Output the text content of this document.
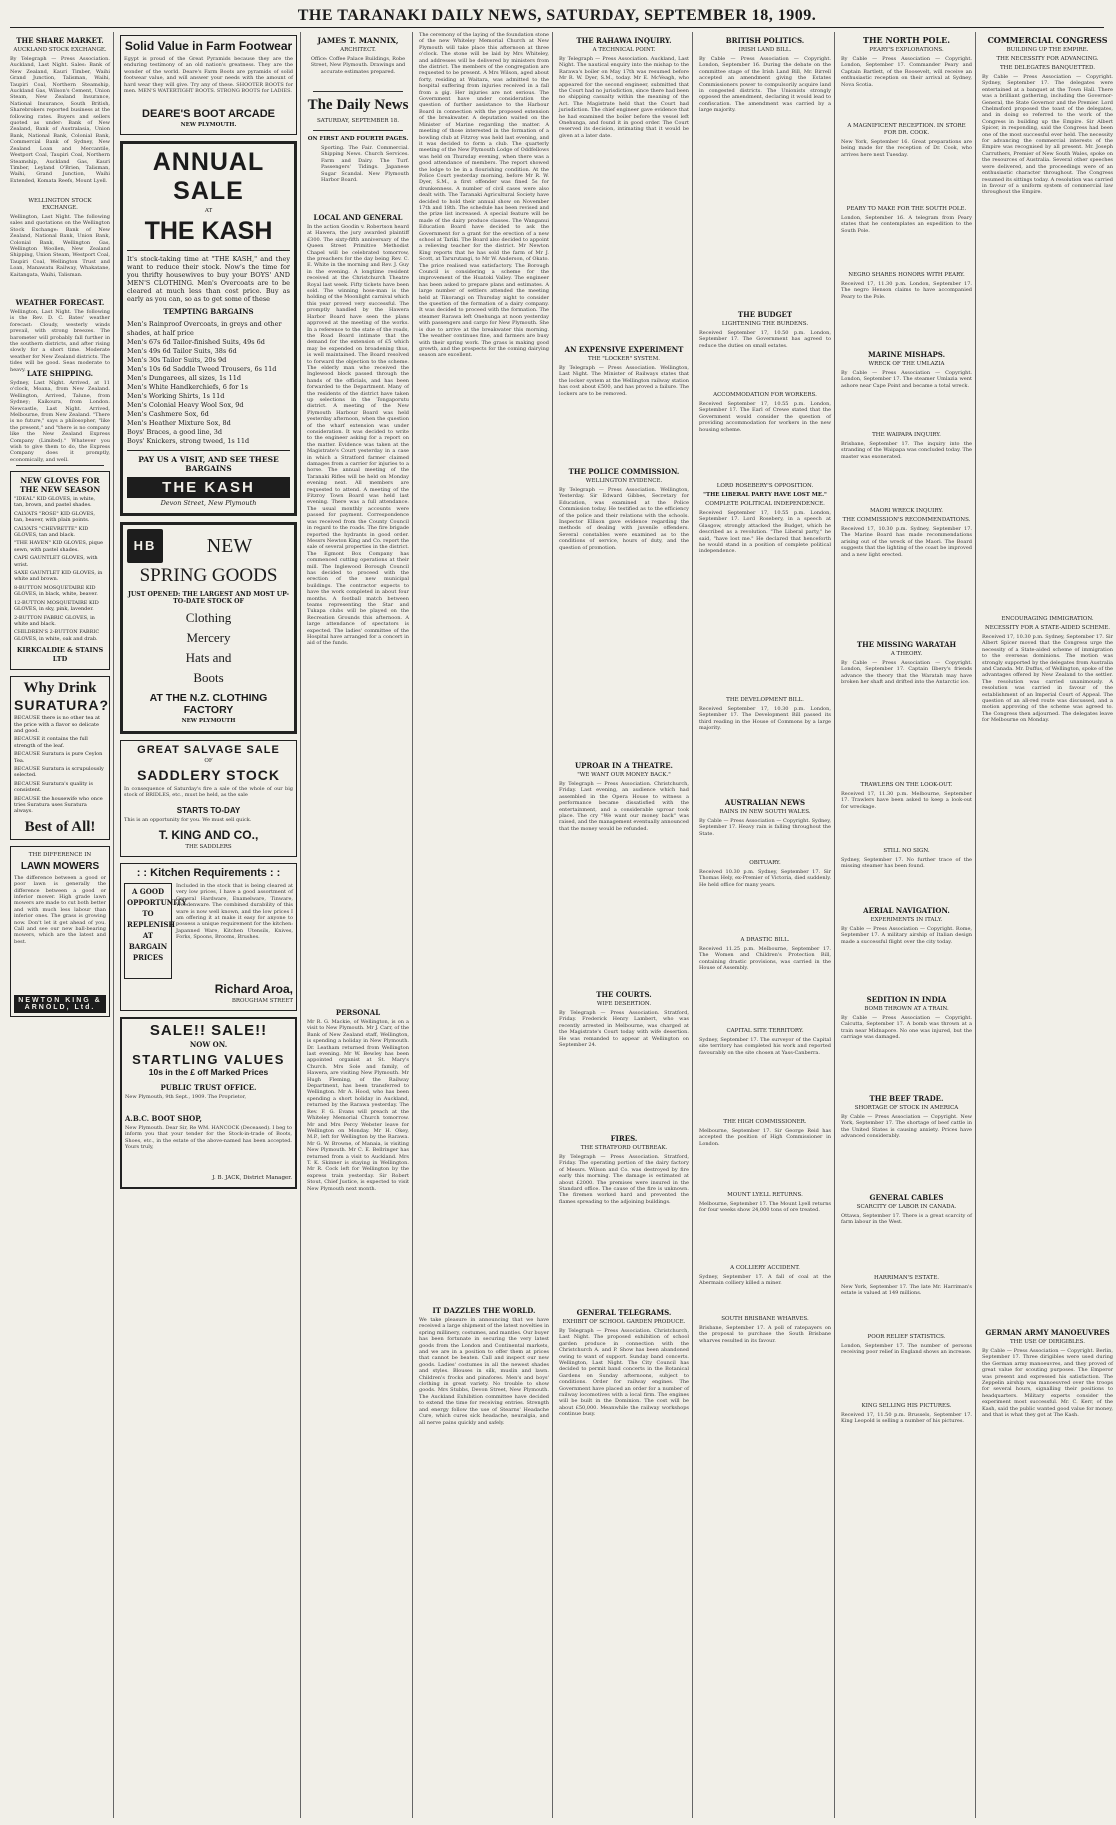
THE TARANAKI DAILY NEWS, SATURDAY, SEPTEMBER 18, 1909.
THE SHARE MARKET.
AUCKLAND STOCK EXCHANGE.
By Telegraph — Press Association. Auckland, Last Night. Sales: Bank of New Zealand, Kauri Timber, Waihi Grand Junction, Talisman, Waihi, Taupiri Coal, Northern Steamship, Auckland Gas, Wilson's Cement, Union Steam, New Zealand Insurance, National Insurance, South British, Sharebrokers reported business at the following rates. Buyers and sellers quoted as under: Bank of New Zealand, Bank of Australasia, Union Bank, National Bank, Colonial Bank, Commercial Bank of Sydney, New Zealand Loan and Mercantile, Westport Coal, Taupiri Coal, Northern Steamship, Auckland Gas, Kauri Timber, Leyland O'Brien, Talisman, Waihi, Grand Junction, Waihi Extended, Komata Reefs, Mount Lyell.
WELLINGTON STOCK EXCHANGE.
Wellington, Last Night. The following sales and quotations on the Wellington Stock Exchange: Bank of New Zealand, National Bank, Union Bank, Colonial Bank, Wellington Gas, Wellington Woollen, New Zealand Shipping, Union Steam, Westport Coal, Taupiri Coal, Wellington Trust and Loan, Manawatu Railway, Whakatane, Kaitangata, Waihi, Talisman.
WEATHER FORECAST.
Wellington, Last Night. The following is the Rev. D. C. Bates' weather forecast: Cloudy, westerly winds prevail, with strong breezes. The barometer will probably fall further in the southern districts, and after rising slowly for a short time. Moderate weather for New Zealand districts. The tides will be good. Seas moderate to heavy. LATE SHIPPING.
Sydney, Last Night. Arrived, at 11 o'clock, Moana, from New Zealand. Wellington, Arrived, Talune, from Sydney; Kaikoura, from London. Newcastle, Last Night. Arrived, Melbourne, from New Zealand. "There is no future," says a philosopher, "like the present," and "there is no company like the New Zealand Express Company (Limited)." Whatever you wish to give them to do, the Express Company does it promptly, economically, and well.
NEW GLOVES FOR THE NEW SEASON
"IDEAL" KID GLOVES, in white, tan, brown, and pastel shades.
CALVATS "ROSE" KID GLOVES, tan, beaver, with plain points.
CALVATS "CHEVRETTE" KID GLOVES, tan and black.
"THE HAVEN" KID GLOVES, pique sewn, with pastel shades.
CAPE GAUNTLET GLOVES, with wrist.
SAXE GAUNTLET KID GLOVES, in white and brown.
8-BUTTON MOSQUETAIRE KID GLOVES, in black, white, beaver.
12-BUTTON MOSQUETAIRE KID GLOVES, in sky, pink, lavender.
2-BUTTON FABRIC GLOVES, in white and black.
CHILDREN'S 2-BUTTON FABRIC GLOVES, in white, oak and drab.
KIRKCALDIE & STAINS LTD
Why Drink
SURATURA?
BECAUSE there is no other tea at the price with a flavor so delicate and good.
BECAUSE it contains the full strength of the leaf.
BECAUSE Suratura is pure Ceylon Tea.
BECAUSE Suratura is scrupulously selected.
BECAUSE Suratura's quality is consistent.
BECAUSE the housewife who once tries Suratura uses Suratura always.
Best of All!
THE DIFFERENCE IN
LAWN MOWERS
The difference between a good or poor lawn is generally the difference between a good or inferior mower. High grade lawn mowers are made to cut both better and with much less labour than inferior ones. The grass is growing now. Don't let it get ahead of you. Call and see our new ball-bearing mowers, which are the latest and best.
NEWTON KING & ARNOLD, Ltd.
Solid Value in Farm Footwear
Egypt is proud of the Great Pyramids because they are the enduring testimony of an old nation's greatness. They are the wonder of the world. Deare's Farm Boots are pyramids of solid footwear value, and will answer your needs with the amount of hard wear they will give. Try any of these. SHOOTER BOOTS for men. MEN'S WATERTIGHT BOOTS. STRONG BOOTS for LADIES.
DEARE'S BOOT ARCADE
NEW PLYMOUTH.
ANNUAL SALE
AT
THE KASH
It's stock-taking time at "THE KASH," and they want to reduce their stock. Now's the time for you thrifty housewives to buy your BOYS' AND MEN'S CLOTHING. Men's Overcoats are to be cleared at much less than cost price. Buy as early as you can, so as to get some of these
TEMPTING BARGAINS
Men's Rainproof Overcoats, in greys and other shades, at half price
Men's 67s 6d Tailor-finished Suits, 49s 6d
Men's 49s 6d Tailor Suits, 38s 6d
Men's 30s Tailor Suits, 20s 9d
Men's 10s 6d Saddle Tweed Trousers, 6s 11d
Men's Dungarees, all sizes, 1s 11d
Men's White Handkerchiefs, 6 for 1s
Men's Working Shirts, 1s 11d
Men's Colonial Heavy Wool Sox, 9d
Men's Cashmere Sox, 6d
Men's Heather Mixture Sox, 8d
Boys' Braces, a good line, 3d
Boys' Knickers, strong tweed, 1s 11d
PAY US A VISIT, AND SEE THESE BARGAINS
THE KASH
Devon Street, New Plymouth
HB	NEW
SPRING GOODS
JUST OPENED: THE LARGEST AND MOST UP-TO-DATE STOCK OF
Clothing
Mercery
Hats and
Boots
AT THE N.Z. CLOTHING FACTORY
NEW PLYMOUTH
GREAT SALVAGE SALE
OF
SADDLERY STOCK
In consequence of Saturday's fire a sale of the whole of our big stock of BRIDLES, etc., must be held, as the sale
STARTS TO-DAY
This is an opportunity for you. We must sell quick.
T. KING AND CO.,
THE SADDLERS
: : Kitchen Requirements : :
A GOOD OPPORTUNITY TO REPLENISH AT BARGAIN PRICES
Included in the stock that is being cleared at very low prices, I have a good assortment of General Hardware, Enamelware, Tinware, Woodenware. The combined durability of this ware is now well known, and the low prices I am offering it at make it easy for anyone to possess a unique requirement for the kitchen: Japanned Ware, Kitchen Utensils, Knives, Forks, Spoons, Brooms, Brushes.
Richard Aroa,
BROUGHAM STREET
SALE!! SALE!!
NOW ON.
STARTLING VALUES
10s in the £ off Marked Prices
PUBLIC TRUST OFFICE.
New Plymouth, 9th Sept., 1909. The Proprietor,
A.B.C. BOOT SHOP,
New Plymouth. Dear Sir, Re WM. HANCOCK (Deceased). I beg to inform you that your tender for the Stock-in-trade of Boots, Shoes, etc., in the estate of the above-named has been accepted. Yours truly,
J. B. JACK, District Manager.
JAMES T. MANNIX,
ARCHITECT.
Office: Coffee Palace Buildings, Robe Street, New Plymouth. Drawings and accurate estimates prepared.
The Daily News
SATURDAY, SEPTEMBER 18.
ON FIRST AND FOURTH PAGES.
Sporting. The Fair. Commercial. Shipping News. Church Services. Farm and Dairy. The Turf. Passengers' Tidings. Japanese Sugar Scandal. New Plymouth Harbor Board.
LOCAL AND GENERAL
In the action Goodin v. Robertson heard at Hawera, the jury awarded plaintiff £300. The sixty-fifth anniversary of the Queen Street Primitive Methodist Chapel will be celebrated tomorrow, the preachers for the day being Rev. C. E. White in the morning and Rev. J. Guy in the evening. A longtime resident received at the Christchurch Theatre Royal last week. Fifty tickets have been sold. The winning hose-man is the holding of the Moonlight carnival which this year proved very successful. The promptly handled by the Hawera Harbor Board have seen the plans approved at the meeting of the works. In a reference to the state of the roads, the Road Board intimate that the demand for the extension of £5 which may be expended on broadening thus, is well maintained. The Board resolved to forward the objection to the scheme. The elderly man who received the Inglewood block passed through the hands of the officials, and has been forwarded to the Department. Many of the residents of the district have taken up selections in the Tongaporutu district. A meeting of the New Plymouth Harbour Board was held yesterday afternoon, when the question of the wharf extension was under consideration. It was decided to write to the engineer asking for a report on the matter. Evidence was taken at the Magistrate's Court yesterday in a case in which a Stratford farmer claimed damages from a carrier for injuries to a horse. The annual meeting of the Taranaki Rifles will be held on Monday evening next. All members are requested to attend. A meeting of the Fitzroy Town Board was held last evening. There was a full attendance. The usual monthly accounts were passed for payment. Correspondence was received from the County Council in regard to the roads. The fire brigade reported the hydrants in good order. Messrs Newton King and Co. report the sale of several properties in the district. The Egmont Box Company has commenced cutting operations at their mill. The Inglewood Borough Council has decided to proceed with the erection of the new municipal buildings. The contractor expects to have the work completed in about four months. A football match between teams representing the Star and Tukapa clubs will be played on the Recreation Grounds this afternoon. A large attendance of spectators is expected. The ladies' committee of the Hospital have arranged for a concert in aid of the funds.
PERSONAL
Mr R. G. Mackie, of Wellington, is on a visit to New Plymouth. Mr J. Carr, of the Bank of New Zealand staff, Wellington, is spending a holiday in New Plymouth. Dr. Leatham returned from Wellington last evening. Mr W. Bewley has been appointed organist at St. Mary's Church. Mrs Sole and family, of Hawera, are visiting New Plymouth. Mr Hugh Fleming, of the Railway Department, has been transferred to Wellington. Mr A. Hood, who has been spending a short holiday in Auckland, returned by the Rarawa yesterday. The Rev. F. G. Evans will preach at the Whiteley Memorial Church tomorrow. Mr and Mrs Percy Webster leave for Wellington on Monday. Mr H. Okey, M.P., left for Wellington by the Rarawa. Mr G. W. Browne, of Manaia, is visiting New Plymouth. Mr C. E. Bellringer has returned from a visit to Auckland. Mrs T. K. Skinner is staying in Wellington. Mr R. Cock left for Wellington by the express train yesterday. Sir Robert Stout, Chief Justice, is expected to visit New Plymouth next month.
The ceremony of the laying of the foundation stone of the new Whiteley Memorial Church at New Plymouth will take place this afternoon at three o'clock. The stone will be laid by Mrs Whiteley, and addresses will be delivered by ministers from the district. The members of the congregation are requested to be present. A Mrs Wilson, aged about forty, residing at Waitara, was admitted to the hospital suffering from injuries received in a fall from a gig. Her injuries are not serious. The Government have under consideration the question of further assistance to the Harbour Board in connection with the proposed extension of the breakwater. A deputation waited on the Minister of Marine regarding the matter. A meeting of those interested in the formation of a bowling club at Fitzroy was held last evening, and it was decided to form a club. The quarterly meeting of the New Plymouth Lodge of Oddfellows was held on Thursday evening, when there was a good attendance of members. The report showed the lodge to be in a flourishing condition. At the Police Court yesterday morning, before Mr R. W. Dyer, S.M., a first offender was fined 5s for drunkenness. A number of civil cases were also dealt with. The Taranaki Agricultural Society have decided to hold their annual show on November 17th and 18th. The schedule has been revised and the prize list increased. A special feature will be made of the dairy produce classes. The Wanganui Education Board have decided to ask the Government for a grant for the erection of a new school at Tariki. The Board also decided to appoint a relieving teacher for the district. Mr Newton King reports that he has sold the farm of Mr J. Scott, at Tarurutangi, to Mr W. Anderson, of Okato. The price realised was satisfactory. The Borough Council is considering a scheme for the improvement of the Huatoki Valley. The engineer has been asked to prepare plans and estimates. A large number of settlers attended the meeting held at Tikorangi on Thursday night to consider the question of the formation of a dairy company. It was decided to proceed with the formation. The steamer Rarawa left Onehunga at noon yesterday with passengers and cargo for New Plymouth. She is due to arrive at the breakwater this morning. The weather continues fine, and farmers are busy with their spring work. The grass is making good growth, and the prospects for the coming dairying season are excellent.
IT DAZZLES THE WORLD.
We take pleasure in announcing that we have received a large shipment of the latest novelties in spring millinery, costumes, and mantles. Our buyer has been fortunate in securing the very latest goods from the London and Continental markets, and we are in a position to offer them at prices that cannot be beaten. Call and inspect our new goods. Ladies' costumes in all the newest shades and styles. Blouses in silk, muslin and lawn. Children's frocks and pinafores. Men's and boys' clothing in great variety. No trouble to show goods. Mrs Stubbs, Devon Street, New Plymouth. The Auckland Exhibition committee have decided to extend the time for receiving entries. Strength and energy follow the use of Stearns' Headache Cure, which cures sick headache, neuralgia, and all nerve pains quickly and safely.
THE RAHAWA INQUIRY.
A TECHNICAL POINT.
By Telegraph — Press Association. Auckland, Last Night. The nautical enquiry into the mishap to the Rarawa's boiler on May 17th was resumed before Mr R. W. Dyer, S.M., today. Mr E. McVeagh, who appeared for the second engineer, submitted that the Court had no jurisdiction, since there had been no shipping casualty within the meaning of the Act. The Magistrate held that the Court had jurisdiction. The chief engineer gave evidence that he had examined the boiler before the vessel left Onehunga, and found it in good order. The Court reserved its decision, intimating that it would be given at a later date.
AN EXPENSIVE EXPERIMENT
THE "LOCKER" SYSTEM.
By Telegraph — Press Association. Wellington, Last Night. The Minister of Railways states that the locker system at the Wellington railway station has cost about £500, and has proved a failure. The lockers are to be removed.
THE POLICE COMMISSION.
WELLINGTON EVIDENCE.
By Telegraph — Press Association. Wellington, Yesterday. Sir Edward Gibbes, Secretary for Education, was examined at the Police Commission today. He testified as to the efficiency of the police and their relations with the schools. Inspector Ellison gave evidence regarding the methods of dealing with juvenile offenders. Several constables were examined as to the conditions of service, hours of duty, and the question of promotion.
UPROAR IN A THEATRE.
"WE WANT OUR MONEY BACK."
By Telegraph — Press Association. Christchurch, Friday. Last evening, an audience which had assembled in the Opera House to witness a performance became dissatisfied with the entertainment, and a considerable uproar took place. The cry "We want our money back" was raised, and the management eventually announced that the money would be refunded.
THE COURTS.
WIFE DESERTION.
By Telegraph — Press Association. Stratford, Friday. Frederick Henry Lambert, who was recently arrested in Melbourne, was charged at the Magistrate's Court today with wife desertion. He was remanded to appear at Wellington on September 24.
FIRES.
THE STRATFORD OUTBREAK.
By Telegraph — Press Association. Stratford, Friday. The operating portion of the dairy factory of Messrs. Wilson and Co. was destroyed by fire early this morning. The damage is estimated at about £2000. The premises were insured in the Standard office. The cause of the fire is unknown. The firemen worked hard and prevented the flames spreading to the adjoining buildings.
GENERAL TELEGRAMS.
EXHIBIT OF SCHOOL GARDEN PRODUCE.
By Telegraph — Press Association. Christchurch, Last Night. The proposed exhibition of school garden produce in connection with the Christchurch A. and P. Show has been abandoned owing to want of support. Sunday band concerts. Wellington, Last Night. The City Council has decided to permit band concerts in the Botanical Gardens on Sunday afternoons, subject to conditions. Order for railway engines. The Government have placed an order for a number of railway locomotives with a local firm. The engines will be built in the Dominion. The cost will be about £50,000. Meanwhile the railway workshops continue busy.
BRITISH POLITICS.
IRISH LAND BILL.
By Cable — Press Association — Copyright. London, September 16. During the debate on the committee stage of the Irish Land Bill, Mr. Birrell accepted an amendment giving the Estates Commissioners power to compulsorily acquire land in congested districts. The Unionists strongly opposed the amendment, declaring it would lead to confiscation. The amendment was carried by a large majority.
THE BUDGET
LIGHTENING THE BURDENS.
Received September 17, 10.50 p.m. London, September 17. The Government has agreed to reduce the duties on small estates.
ACCOMMODATION FOR WORKERS.
Received September 17, 10.55 p.m. London, September 17. The Earl of Crewe stated that the Government would consider the question of providing accommodation for workers in the new housing scheme.
LORD ROSEBERY'S OPPOSITION.
"THE LIBERAL PARTY HAVE LOST ME."
COMPLETE POLITICAL INDEPENDENCE.
Received September 17, 10.55 p.m. London, September 17. Lord Rosebery, in a speech at Glasgow, strongly attacked the Budget, which he described as a revolution. "The Liberal party," he said, "have lost me." He declared that henceforth he would stand in a position of complete political independence.
THE DEVELOPMENT BILL.
Received September 17, 10.30 p.m. London, September 17. The Development Bill passed its third reading in the House of Commons by a large majority.
AUSTRALIAN NEWS
RAINS IN NEW SOUTH WALES.
By Cable — Press Association — Copyright. Sydney, September 17. Heavy rain is falling throughout the State.
OBITUARY.
Received 10.30 p.m. Sydney, September 17. Sir Thomas Hely, ex-Premier of Victoria, died suddenly. He held office for many years.
A DRASTIC BILL.
Received 11.25 p.m. Melbourne, September 17. The Women and Children's Protection Bill, containing drastic provisions, was carried in the House of Assembly.
CAPITAL SITE TERRITORY.
Sydney, September 17. The surveyor of the Capital site territory has completed his work and reported favourably on the site chosen at Yass-Canberra.
THE HIGH COMMISSIONER.
Melbourne, September 17. Sir George Reid has accepted the position of High Commissioner in London.
MOUNT LYELL RETURNS.
Melbourne, September 17. The Mount Lyell returns for four weeks show 24,000 tons of ore treated.
A COLLIERY ACCIDENT.
Sydney, September 17. A fall of coal at the Abermain colliery killed a miner.
SOUTH BRISBANE WHARVES.
Brisbane, September 17. A poll of ratepayers on the proposal to purchase the South Brisbane wharves resulted in its favour.
THE NORTH POLE.
PEARY'S EXPLORATIONS.
By Cable — Press Association — Copyright. London, September 17. Commander Peary and Captain Bartlett, of the Roosevelt, will receive an enthusiastic reception on their arrival at Sydney, Nova Scotia.
A MAGNIFICENT RECEPTION. IN STORE FOR DR. COOK.
New York, September 16. Great preparations are being made for the reception of Dr. Cook, who arrives here next Tuesday.
PEARY TO MAKE FOR THE SOUTH POLE.
London, September 16. A telegram from Peary states that he contemplates an expedition to the South Pole.
NEGRO SHARES HONORS WITH PEARY.
Received 17, 11.30 p.m. London, September 17. The negro Henson claims to have accompanied Peary to the Pole.
MARINE MISHAPS.
WRECK OF THE UMLAZIA
By Cable — Press Association — Copyright. London, September 17. The steamer Umlazia went ashore near Cape Point and became a total wreck.
THE WAIPAPA INQUIRY.
Brisbane, September 17. The inquiry into the stranding of the Waipapa was concluded today. The master was exonerated.
MAORI WRECK INQUIRY.
THE COMMISSION'S RECOMMENDATIONS.
Received 17, 10.30 p.m. Sydney, September 17. The Marine Board has made recommendations arising out of the wreck of the Maori. The Board suggests that the lighting of the coast be improved and a new light erected.
THE MISSING WARATAH
A THEORY.
By Cable — Press Association — Copyright. London, September 17. Captain Ilbery's friends advance the theory that the Waratah may have broken her shaft and drifted into the Antarctic ice.
TRAWLERS ON THE LOOK-OUT.
Received 17, 11.30 p.m. Melbourne, September 17. Trawlers have been asked to keep a look-out for wreckage.
STILL NO SIGN.
Sydney, September 17. No further trace of the missing steamer has been found.
AERIAL NAVIGATION.
EXPERIMENTS IN ITALY.
By Cable — Press Association — Copyright. Rome, September 17. A military airship of Italian design made a successful flight over the city today.
SEDITION IN INDIA
BOMB THROWN AT A TRAIN.
By Cable — Press Association — Copyright. Calcutta, September 17. A bomb was thrown at a train near Midnapore. No one was injured, but the carriage was damaged.
THE BEEF TRADE.
SHORTAGE OF STOCK IN AMERICA
By Cable — Press Association — Copyright. New York, September 17. The shortage of beef cattle in the United States is causing anxiety. Prices have advanced considerably.
GENERAL CABLES
SCARCITY OF LABOR IN CANADA.
Ottawa, September 17. There is a great scarcity of farm labour in the West.
HARRIMAN'S ESTATE.
New York, September 17. The late Mr. Harriman's estate is valued at 149 millions.
POOR RELIEF STATISTICS.
London, September 17. The number of persons receiving poor relief in England shows an increase.
KING SELLING HIS PICTURES.
Received 17, 11.50 p.m. Brussels, September 17. King Leopold is selling a number of his pictures.
COMMERCIAL CONGRESS
BUILDING UP THE EMPIRE.
THE NECESSITY FOR ADVANCING.
THE DELEGATES BANQUETTED.
By Cable — Press Association — Copyright. Sydney, September 17. The delegates were entertained at a banquet at the Town Hall. There was a brilliant gathering, including the Governor-General, the State Governor and the Premier. Lord Chelmsford proposed the toast of the delegates, and in doing so referred to the work of the Congress in building up the Empire. Sir Albert Spicer, in responding, said the Congress had been one of the most successful ever held. The necessity for advancing the commercial interests of the Empire was recognised by all present. Mr. Joseph Carruthers, Premier of New South Wales, spoke on the resources of Australia. Several other speeches were delivered, and the proceedings were of an enthusiastic character throughout. The Congress resumed its sittings today. A resolution was carried in favour of a uniform system of commercial law throughout the Empire.
ENCOURAGING IMMIGRATION.
NECESSITY FOR A STATE-AIDED SCHEME.
Received 17, 10.30 p.m. Sydney, September 17. Sir Albert Spicer moved that the Congress urge the necessity of a State-aided scheme of immigration to the overseas dominions. The motion was strongly supported by the delegates from Australia and Canada. Mr. Duffus, of Wellington, spoke of the advantages offered by New Zealand to the settler. The resolution was carried unanimously. A resolution was carried in favour of the establishment of an Imperial Court of Appeal. The question of an all-red route was discussed, and a motion approving of the scheme was agreed to. The Congress then adjourned. The delegates leave for Melbourne on Monday.
GERMAN ARMY MANOEUVRES
THE USE OF DIRIGIBLES.
By Cable — Press Association — Copyright. Berlin, September 17. Three dirigibles were used during the German army manoeuvres, and they proved of great value for scouting purposes. The Emperor was present and expressed his satisfaction. The Zeppelin airship was manoeuvred over the troops for several hours, signalling their positions to headquarters. Military experts consider the experiment most successful. Mr. C. Kerr, of the Kash, said the public wanted good value for money, and that is what they got at The Kash.
